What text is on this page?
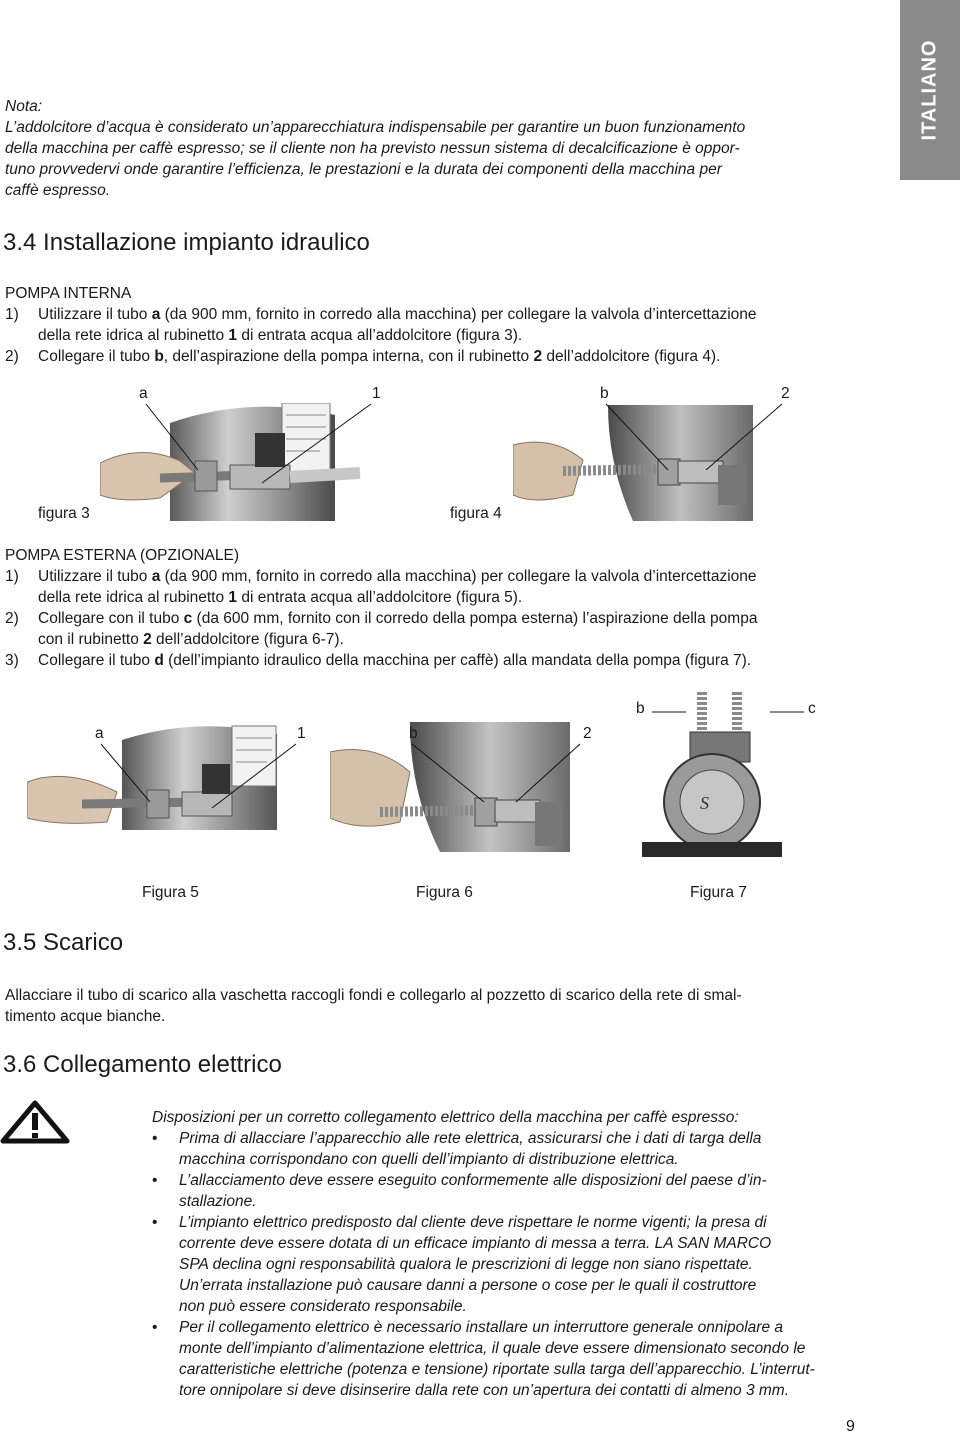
ITALIANO
Nota:
L’addolcitore d’acqua è considerato un’apparecchiatura indispensabile per garantire un buon funzionamento
della macchina per caffè espresso; se il cliente non ha previsto nessun sistema di decalcificazione è oppor-
tuno provvedervi onde garantire l’efficienza, le prestazioni e la durata dei componenti della macchina per
caffè espresso.
3.4 Installazione impianto idraulico
POMPA INTERNA
1)	Utilizzare il tubo a (da 900 mm, fornito in corredo alla macchina) per collegare la valvola d’intercettazione
della rete idrica al rubinetto 1 di entrata acqua all’addolcitore (figura 3).
2)	Collegare il tubo b, dell’aspirazione della pompa interna, con il rubinetto 2 dell’addolcitore (figura 4).
a	1	b	2
figura 3	figura 4
POMPA ESTERNA (OPZIONALE)
1)	Utilizzare il tubo a (da 900 mm, fornito in corredo alla macchina) per collegare la valvola d’intercettazione
della rete idrica al rubinetto 1 di entrata acqua all’addolcitore (figura 5).
2)	Collegare con il tubo c (da 600 mm, fornito con il corredo della pompa esterna) l’aspirazione della pompa
con il rubinetto 2 dell’addolcitore (figura 6-7).
3)	Collegare il tubo d (dell’impianto idraulico della macchina per caffè) alla mandata della pompa (figura 7).
S
a	1	b	2
b	c
Figura 5	Figura 6	Figura 7
3.5 Scarico
Allacciare il tubo di scarico alla vaschetta raccogli fondi e collegarlo al pozzetto di scarico della rete di smal-
timento acque bianche.
3.6 Collegamento elettrico
Disposizioni per un corretto collegamento elettrico della macchina per caffè espresso:
•	Prima di allacciare l’apparecchio alle rete elettrica, assicurarsi che i dati di targa della
macchina corrispondano con quelli dell’impianto di distribuzione elettrica.
•	L’allacciamento deve essere eseguito conformemente alle disposizioni del paese d’in-
stallazione.
•	L’impianto elettrico predisposto dal cliente deve rispettare le norme vigenti; la presa di
corrente deve essere dotata di un efficace impianto di messa a terra. LA SAN MARCO
SPA declina ogni responsabilità qualora le prescrizioni di legge non siano rispettate.
Un’errata installazione può causare danni a persone o cose per le quali il costruttore
non può essere considerato responsabile.
•	Per il collegamento elettrico è necessario installare un interruttore generale onnipolare a
monte dell’impianto d’alimentazione elettrica, il quale deve essere dimensionato secondo le
caratteristiche elettriche (potenza e tensione) riportate sulla targa dell’apparecchio. L’interrut-
tore onnipolare si deve disinserire dalla rete con un’apertura dei contatti di almeno 3 mm.
9
